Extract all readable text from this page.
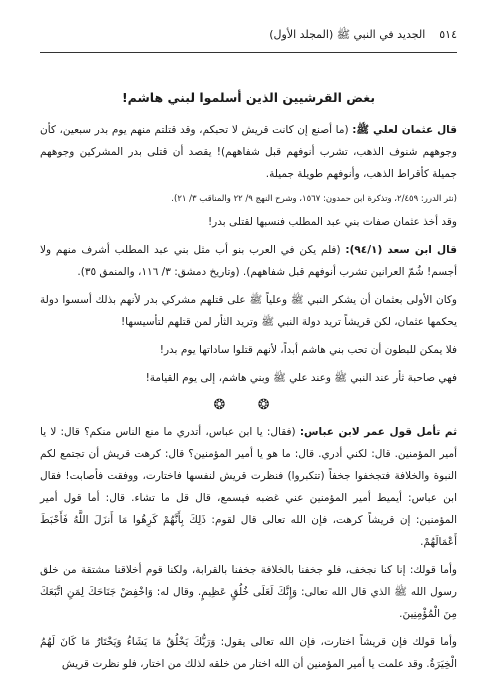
٥١٤    الجديد في النبي ﷺ (المجلد الأول)
بغض القرشيين الذين أسلموا لبني هاشم!

قال عثمان لعلي ﷺ: (ما أصنع إن كانت قريش لا تحبكم، وقد قتلتم منهم يوم بدر سبعين، كأن وجوههم شنوف الذهب، تشرب أنوفهم قبل شفاههم)! يقصد أن قتلى بدر المشركين وجوههم جميلة كأقراط الذهب، وأنوفهم طويلة جميلة.

(نثر الدرر: ٢/٤٥٩، وتذكرة ابن حمدون: ١٥٦٧، وشرح النهج ٩/ ٢٢ والمناقب ٣/ ٢١).

وقد أخذ عثمان صفات بني عبد المطلب فنسبها لقتلى بدر!

قال ابن سعد (٩٤/١): (فلم يكن في العرب بنو أب مثل بني عبد المطلب أشرف منهم ولا أجسم! شُمّ العرانين تشرب أنوفهم قبل شفاههم). (وتاريخ دمشق: ٣/ ١١٦، والمنمق ٣٥).

وكان الأولى بعثمان أن يشكر النبي ﷺ وعلياً ﷺ على قتلهم مشركي بدر لأنهم بذلك أسسوا دولة يحكمها عثمان، لكن قريشاً تريد دولة النبي ﷺ وتريد الثأر لمن قتلهم لتأسيسها!

فلا يمكن للبطون أن تحب بني هاشم أبداً، لأنهم قتلوا ساداتها يوم بدر!

فهي صاحبة ثأر عند النبي ﷺ وعند علي ﷺ وبني هاشم، إلى يوم القيامة!

❂ ❂

ثم تأمل قول عمر لابن عباس: (فقال: يا ابن عباس، أتدري ما منع الناس منكم؟ قال: لا يا أمير المؤمنين. قال: لكني أدري. قال: ما هو يا أمير المؤمنين؟ قال: كرهت قريش أن تجتمع لكم النبوة والخلافة فتجخفوا جخفاً (تتكبروا) فنظرت قريش لنفسها فاختارت، ووفقت فأصابت! فقال ابن عباس: أيميط أمير المؤمنين عني غضبه فيسمع، قال قل ما تشاء. قال: أما قول أمير المؤمنين: إن قريشاً كرهت، فإن الله تعالى قال لقوم: ذَلِكَ بِأَنَّهُمْ كَرِهُوا مَا أَنزَلَ اللَّهُ فَأَحْبَطَ أَعْمَالَهُمْ.

وأما قولك: إنا كنا نجخف، فلو جخفنا بالخلافة جخفنا بالقرابة، ولكنا قوم أخلاقنا مشتقة من خلق رسول الله ﷺ الذي قال الله تعالى: وَإِنَّكَ لَعَلَى خُلُقٍ عَظِيمٍ. وقال له: وَاخْفِضْ جَنَاحَكَ لِمَنِ اتَّبَعَكَ مِنَ الْمُؤْمِنِينَ.

وأما قولك فإن قريشاً اختارت، فإن الله تعالى يقول: وَرَبُّكَ يَخْلُقُ مَا يَشَاءُ وَيَخْتَارُ مَا كَانَ لَهُمُ الْخِيَرَةُ. وقد علمت يا أمير المؤمنين أن الله اختار من خلقه لذلك من اختار، فلو نظرت قريش
